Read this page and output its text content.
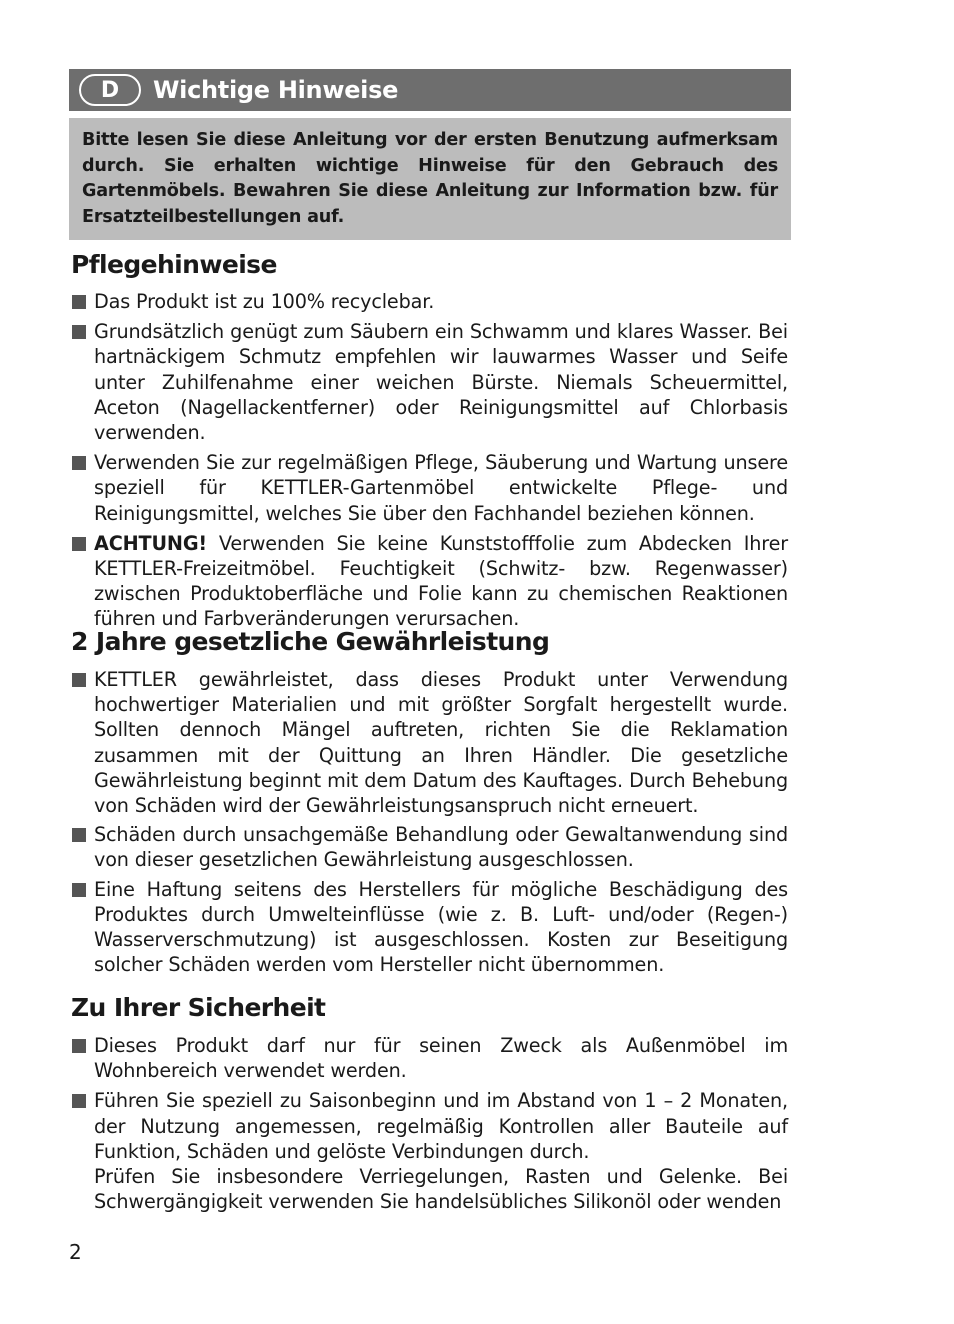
D	Wichtige Hinweise

Bitte lesen Sie diese Anleitung vor der ersten Benutzung aufmerksam durch. Sie erhalten wichtige Hinweise für den Gebrauch des Gartenmöbels. Bewahren Sie diese Anleitung zur Information bzw. für Ersatzteilbestellungen auf.

Pflegehinweise
Das Produkt ist zu 100% recyclebar.
Grundsätzlich genügt zum Säubern ein Schwamm und klares Wasser. Bei hartnäckigem Schmutz empfehlen wir lauwarmes Wasser und Seife unter Zuhilfenahme einer weichen Bürste. Niemals Scheuermittel, Aceton (Nagellackentferner) oder Reinigungsmittel auf Chlorbasis verwenden.
Verwenden Sie zur regelmäßigen Pflege, Säuberung und Wartung unsere speziell für KETTLER-Gartenmöbel entwickelte Pflege- und Reinigungsmittel, welches Sie über den Fachhandel beziehen können.
ACHTUNG! Verwenden Sie keine Kunststofffolie zum Abdecken Ihrer KETTLER-Freizeitmöbel. Feuchtigkeit (Schwitz- bzw. Regenwasser) zwischen Produktoberfläche und Folie kann zu chemischen Reaktionen führen und Farbveränderungen verursachen.
2 Jahre gesetzliche Gewährleistung
KETTLER gewährleistet, dass dieses Produkt unter Verwendung hochwertiger Materialien und mit größter Sorgfalt hergestellt wurde. Sollten dennoch Mängel auftreten, richten Sie die Reklamation zusammen mit der Quittung an Ihren Händler. Die gesetzliche Gewährleistung beginnt mit dem Datum des Kauftages. Durch Behebung von Schäden wird der Gewährleistungsanspruch nicht erneuert.
Schäden durch unsachgemäße Behandlung oder Gewaltanwendung sind von dieser gesetzlichen Gewährleistung ausgeschlossen.
Eine Haftung seitens des Herstellers für mögliche Beschädigung des Produktes durch Umwelteinflüsse (wie z. B. Luft- und/oder (Regen-) Wasserverschmutzung) ist ausgeschlossen. Kosten zur Beseitigung solcher Schäden werden vom Hersteller nicht übernommen.
Zu Ihrer Sicherheit
Dieses Produkt darf nur für seinen Zweck als Außenmöbel im Wohnbereich verwendet werden.

Führen Sie speziell zu Saisonbeginn und im Abstand von 1 – 2 Monaten, der Nutzung angemessen, regelmäßig Kontrollen aller Bauteile auf Funktion, Schäden und gelöste Verbindungen durch.

Prüfen Sie insbesondere Verriegelungen, Rasten und Gelenke. Bei Schwergängigkeit verwenden Sie handelsübliches Silikonöl oder wenden

2
